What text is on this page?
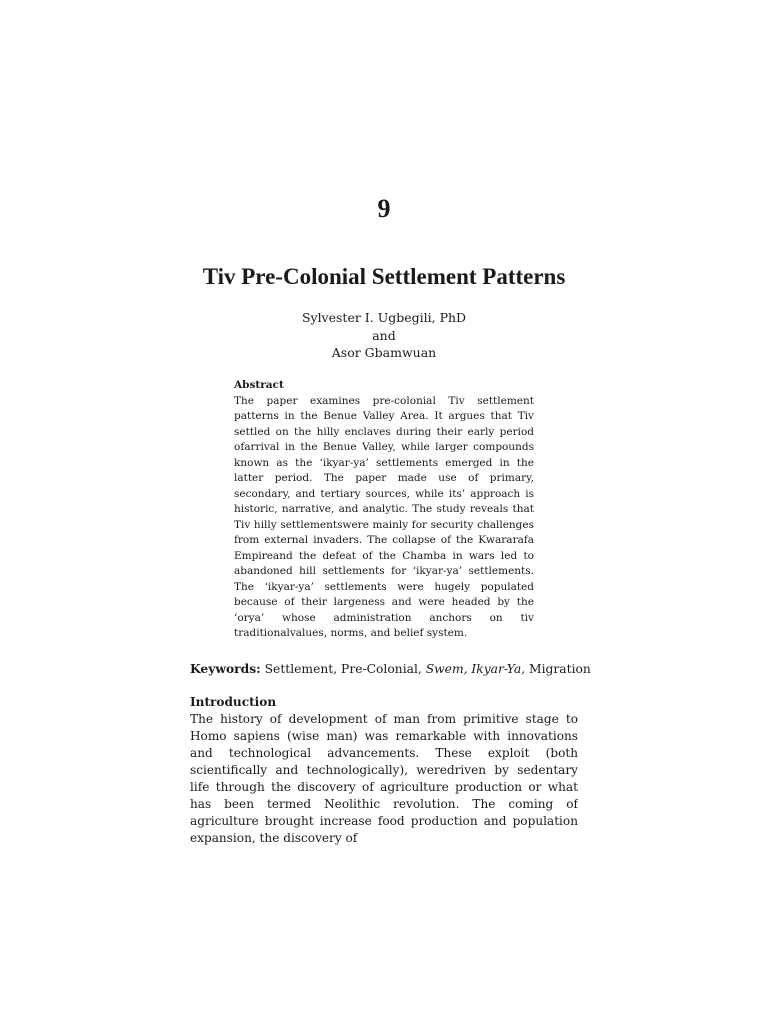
9
Tiv Pre-Colonial Settlement Patterns
Sylvester I. Ugbegili, PhD
and
Asor Gbamwuan
Abstract
The paper examines pre-colonial Tiv settlement patterns in the Benue Valley Area. It argues that Tiv settled on the hilly enclaves during their early period ofarrival in the Benue Valley, while larger compounds known as the ‘ikyar-ya’ settlements emerged in the latter period. The paper made use of primary, secondary, and tertiary sources, while its’ approach is historic, narrative, and analytic. The study reveals that Tiv hilly settlementswere mainly for security challenges from external invaders. The collapse of the Kwararafa Empireand the defeat of the Chamba in wars led to abandoned hill settlements for ‘ikyar-ya’ settlements. The ‘ikyar-ya’ settlements were hugely populated because of their largeness and were headed by the ‘orya’ whose administration anchors on tiv traditionalvalues, norms, and belief system.
Keywords: Settlement, Pre-Colonial, Swem, Ikyar-Ya, Migration
Introduction
The history of development of man from primitive stage to Homo sapiens (wise man) was remarkable with innovations and technological advancements. These exploit (both scientifically and technologically), weredriven by sedentary life through the discovery of agriculture production or what has been termed Neolithic revolution. The coming of agriculture brought increase food production and population expansion, the discovery of
